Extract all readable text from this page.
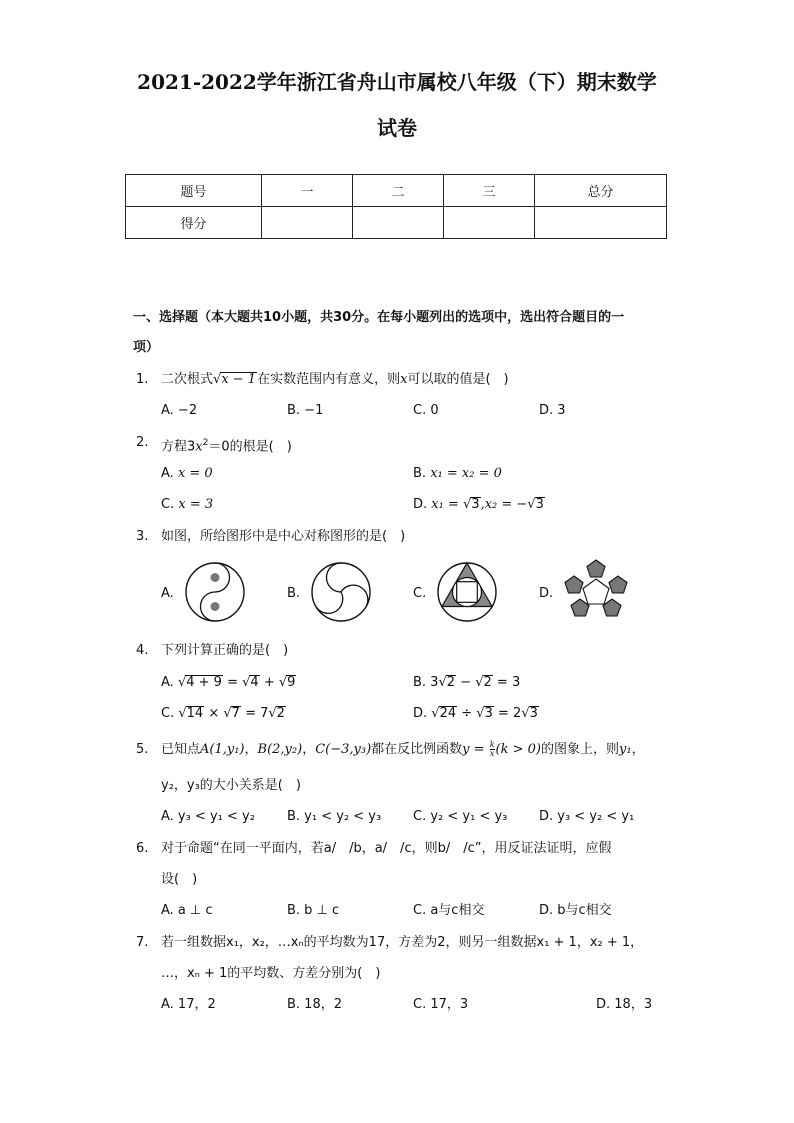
2021-2022学年浙江省舟山市属校八年级（下）期末数学
试卷
题号	一	二	三	总分
得分				
一、选择题（本大题共10小题，共30分。在每小题列出的选项中，选出符合题目的一
项）
1. 二次根式√x − 1在实数范围内有意义，则x可以取的值是(　)
A. −2	B. −1	C. 0	D. 3
2. 方程$3x^2=0$的根是(　)
A. x = 0	B. x₁ = x₂ = 0
C. x = 3	D. x₁ = √3,x₂ = −√3
3. 如图，所给图形中是中心对称图形的是(　)
A.	B.	C.	D.
4. 下列计算正确的是(　)
A. √4 + 9 = √4 + √9	B. 3√2 − √2 = 3
C. √14 × √7 = 7√2	D. √24 ÷ √3 = 2√3
5. 已知点A(1,y₁)，B(2,y₂)，C(−3,y₃)都在反比例函数$y = \frac{k}{x} (k > 0)$的图象上，则y₁，
y₂，y₃的大小关系是(　)
A. y₃ < y₁ < y₂ B. y₁ < y₂ < y₃ C. y₂ < y₁ < y₃ D. y₃ < y₂ < y₁
6. 对于命题“在同一平面内，若a/　/b，a/　/c，则b/　/c”，用反证法证明，应假
设(　)
A. a ⊥ c	B. b ⊥ c	C. a与c相交	D. b与c相交
7. 若一组数据x₁，x₂，…xₙ的平均数为17，方差为2，则另一组数据x₁ + 1，x₂ + 1，
…，xₙ + 1的平均数、方差分别为(　)
A. 17，2	B. 18，2	C. 17，3	D. 18，3
